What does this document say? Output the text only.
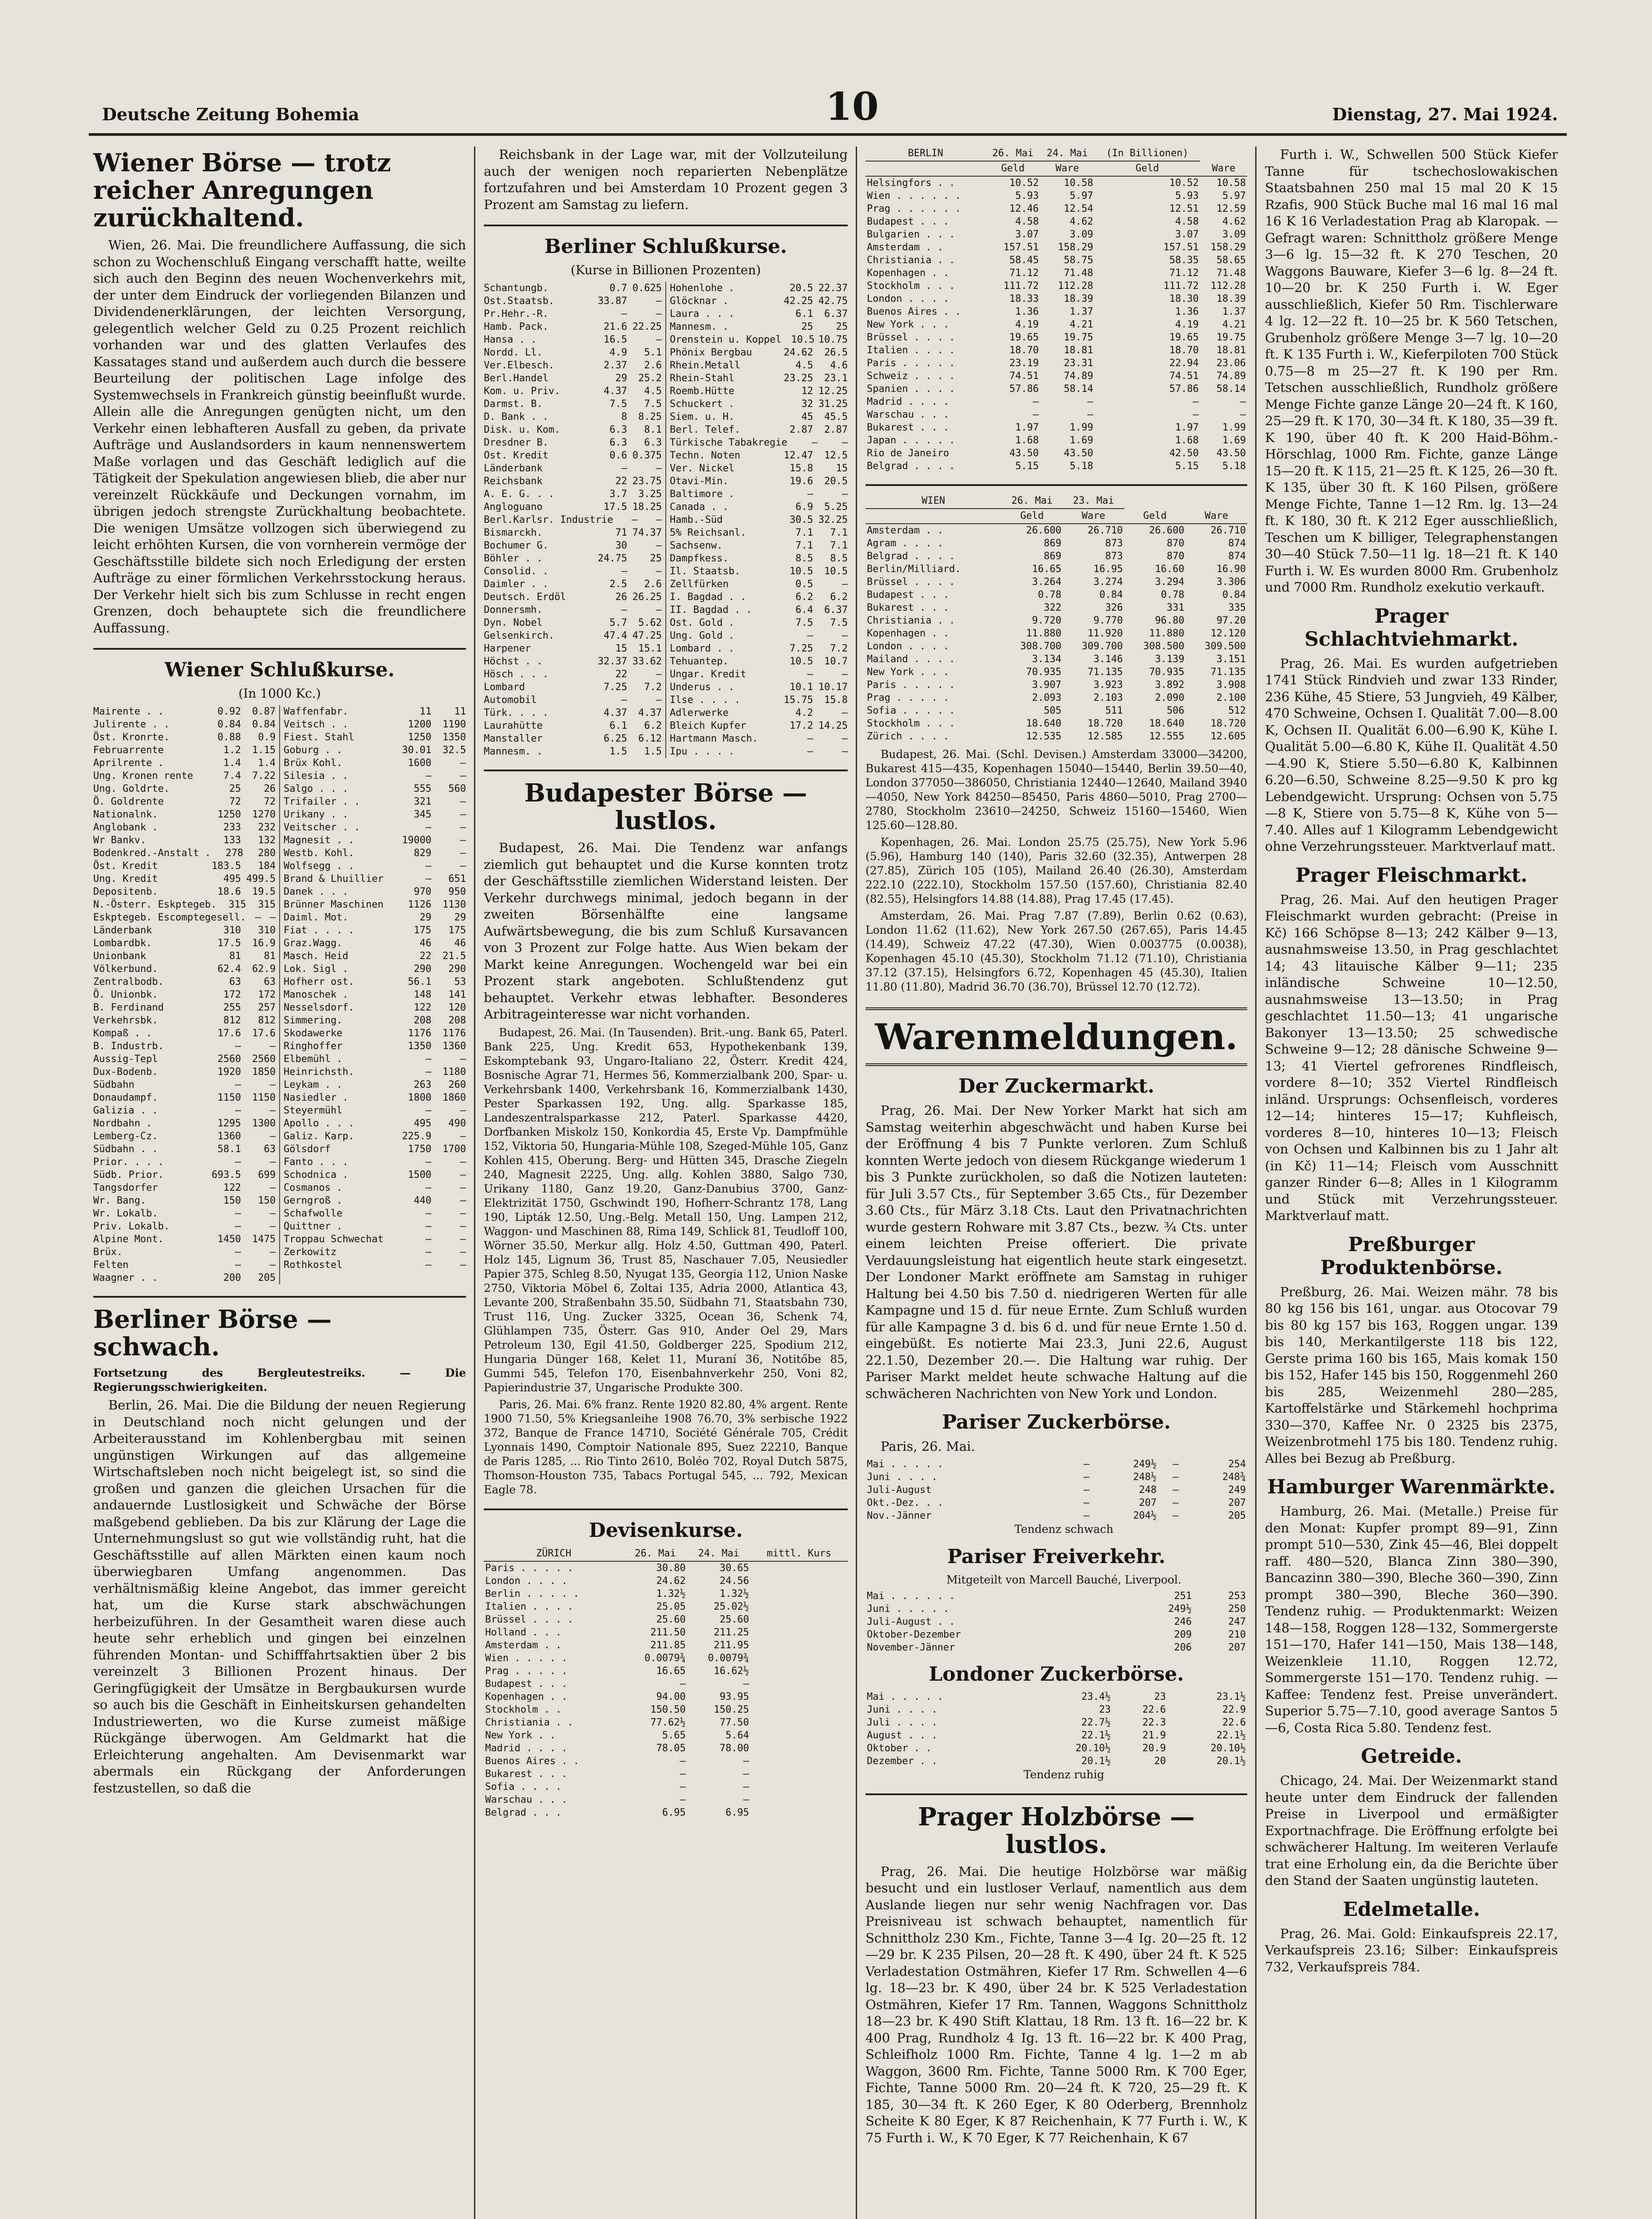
Deutsche Zeitung Bohemia	10	Dienstag, 27. Mai 1924.
Wiener Börse — trotz reicher Anregungen zurückhaltend.
Wien, 26. Mai. Die freundlichere Auffassung, die sich schon zu Wochenschluß Eingang verschafft hatte, weilte sich auch den Beginn des neuen Wochenverkehrs mit, der unter dem Eindruck der vorliegenden Bilanzen und Dividendenerklärungen, der leichten Versorgung, gelegentlich welcher Geld zu 0.25 Prozent reichlich vorhanden war und des glatten Verlaufes des Kassatages stand und außerdem auch durch die bessere Beurteilung der politischen Lage infolge des Systemwechsels in Frankreich günstig beeinflußt wurde. Allein alle die Anregungen genügten nicht, um den Verkehr einen lebhafteren Ausfall zu geben, da private Aufträge und Auslandsorders in kaum nennenswertem Maße vorlagen und das Geschäft lediglich auf die Tätigkeit der Spekulation angewiesen blieb, die aber nur vereinzelt Rückkäufe und Deckungen vornahm, im übrigen jedoch strengste Zurückhaltung beobachtete. Die wenigen Umsätze vollzogen sich überwiegend zu leicht erhöhten Kursen, die von vornherein vermöge der Geschäftsstille bildete sich noch Erledigung der ersten Aufträge zu einer förmlichen Verkehrsstockung heraus. Der Verkehr hielt sich bis zum Schlusse in recht engen Grenzen, doch behauptete sich die freundlichere Auffassung.
Wiener Schlußkurse.
(In 1000 Kc.)
Mairente . .	0.92	0.87
Julirente . .	0.84	0.84
Öst. Kronrte.	0.88	0.9
Februarrente	1.2	1.15
Aprilrente .	1.4	1.4
Ung. Kronen rente	7.4	7.22
Ung. Goldrte.	25	26
Ö. Goldrente	72	72
Nationalnk.	1250	1270
Anglobank .	233	232
Wr Bankv.	133	132
Bodenkred.-Anstalt .	278	280
Öst. Kredit	183.5	184
Ung. Kredit	495 499.5
Depositenb.	18.6	19.5
N.-Österr. Eskptegeb.	315	315
Eskptegeb. Escomptegesell. — —
Länderbank	310	310
Lombardbk.	17.5	16.9
Unionbank	81	81
Völkerbund.	62.4	62.9
Zentralbodb.	63	63
Ö. Unionbk.	172	172
B. Ferdinand	255	257
Verkehrsbk.	812	812
Kompaß . .	17.6	17.6
B. Industrb.	—	—
Aussig-Tepl	2560	2560
Dux-Bodenb.	1920	1850
Südbahn	—	—
Donaudampf.	1150	1150
Galizia . .	—	—
Nordbahn .	1295	1300
Lemberg-Cz.	1360	—
Südbahn . .	58.1	63
Prior. . . .	—	—
Südb. Prior.	693.5	699
Tangsdorfer	122	—
Wr. Bang.	150	150
Wr. Lokalb.	—	—
Priv. Lokalb.	—	—
Alpine Mont.	1450	1475
Brüx.	—	—
Felten	—	—
Waagner . .	200	205
Waffenfabr.	11	11
Veitsch . .	1200	1190
Fiest. Stahl	1250	1350
Goburg . .	30.01	32.5
Brüx Kohl.	1600	—
Silesia . .	—	—
Salgo . . .	555	560
Trifailer . .	321	—
Urikany . .	345	—
Veitscher . .	—	—
Magnesit . .	19000	—
Westb. Kohl.	829	—
Wolfsegg . .	—	—
Brand & Lhuillier	—	651
Danek . . .	970	950
Brünner Maschinen	1126	1130
Daiml. Mot.	29	29
Fiat . . . .	175	175
Graz.Wagg.	46	46
Masch. Heid	22	21.5
Lok. Sigl .	290	290
Hofherr ost.	56.1	53
Manoschek .	148	141
Nesselsdorf.	122	120
Simmering.	208	208
Skodawerke	1176	1176
Ringhoffer	1350	1360
Elbemühl .	—	—
Heinrichsth.	—	1180
Leykam . .	263	260
Nasiedler .	1800	1860
Steyermühl	—	—
Apollo . . .	495	490
Galiz. Karp.	225.9	—
Gölsdorf	1750	1700
Fanto . . .	—	—
Schodnica .	1500	—
Cosmanos .	—	—
Gerngroß .	440	—
Schafwolle	—	—
Quittner .	—	—
Troppau Schwechat	—	—
Zerkowitz	—	—
Rothkostel	—	—
Berliner Börse — schwach.
Fortsetzung des Bergleutestreiks. — Die Regierungsschwierigkeiten.
Berlin, 26. Mai. Die die Bildung der neuen Regierung in Deutschland noch nicht gelungen und der Arbeiterausstand im Kohlenbergbau mit seinen ungünstigen Wirkungen auf das allgemeine Wirtschaftsleben noch nicht beigelegt ist, so sind die großen und ganzen die gleichen Ursachen für die andauernde Lustlosigkeit und Schwäche der Börse maßgebend geblieben. Da bis zur Klärung der Lage die Unternehmungslust so gut wie vollständig ruht, hat die Geschäftsstille auf allen Märkten einen kaum noch überwiegbaren Umfang angenommen. Das verhältnismäßig kleine Angebot, das immer gereicht hat, um die Kurse stark abschwächungen herbeizuführen. In der Gesamtheit waren diese auch heute sehr erheblich und gingen bei einzelnen führenden Montan- und Schifffahrtsaktien über 2 bis vereinzelt 3 Billionen Prozent hinaus. Der Geringfügigkeit der Umsätze in Bergbaukursen wurde so auch bis die Geschäft in Einheitskursen gehandelten Industriewerten, wo die Kurse zumeist mäßige Rückgänge überwogen. Am Geldmarkt hat die Erleichterung angehalten. Am Devisenmarkt war abermals ein Rückgang der Anforderungen festzustellen, so daß die
Reichsbank in der Lage war, mit der Vollzuteilung auch der wenigen noch reparierten Nebenplätze fortzufahren und bei Amsterdam 10 Prozent gegen 3 Prozent am Samstag zu liefern.
Berliner Schlußkurse.
(Kurse in Billionen Prozenten)
Schantungb.	0.7 0.625
Ost.Staatsb.	33.87	—
Pr.Hehr.-R.	—	—
Hamb. Pack.	21.6 22.25
Hansa . .	16.5	—
Nordd. Ll.	4.9	5.1
Ver.Elbesch.	2.37	2.6
Berl.Handel	29	25.2
Kom. u. Priv.	4.37	4.5
Darmst. B.	7.5	7.5
D. Bank . .	8	8.25
Disk. u. Kom.	6.3	8.1
Dresdner B.	6.3	6.3
Ost. Kredit	0.6 0.375
Länderbank	—	—
Reichsbank	22 23.75
A. E. G. . .	3.7	3.25
Angloguano	17.5 18.25
Berl.Karlsr. Industrie	—	—
Bismarckh.	71 74.37
Bochumer G.	30	—
Böhler . .	24.75	25
Consolid. .	—	—
Daimler . .	2.5	2.6
Deutsch. Erdöl	26 26.25
Donnersmh.	—	—
Dyn. Nobel	5.7	5.62
Gelsenkirch.	47.4 47.25
Harpener	15	15.1
Höchst . .	32.37 33.62
Hösch . . .	22	—
Lombard	7.25	7.2
Automobil	—	—
Türk. . . .	4.37	4.37
Laurahütte	6.1	6.2
Manstaller	6.25	6.12
Mannesm. .	1.5	1.5
Hohenlohe .	20.5 22.37
Glöcknar .	42.25 42.75
Laura . . .	6.1	6.37
Mannesm. .	25	25
Orenstein u. Koppel 10.5 10.75
Phönix Bergbau	24.62	26.5
Rhein.Metall	4.5	4.6
Rhein-Stahl	23.25	23.1
Roemb.Hütte	12 12.25
Schuckert .	32 31.25
Siem. u. H.	45	45.5
Berl. Telef.	2.87	2.87
Türkische Tabakregie	—	—
Techn. Noten	12.47	12.5
Ver. Nickel	15.8	15
Otavi-Min.	19.6	20.5
Baltimore .	—	—
Canada . .	6.9	5.25
Hamb.-Süd	30.5 32.25
5% Reichsanl.	7.1	7.1
Sachsenw.	7.1	7.1
Dampfkess.	8.5	8.5
Il. Staatsb.	10.5	10.5
Zellfürken	0.5	—
I. Bagdad . .	6.2	6.2
II. Bagdad . .	6.4	6.37
Ost. Gold .	7.5	7.5
Ung. Gold .	—	—
Lombard . .	7.25	7.2
Tehuantep.	10.5	10.7
Ungar. Kredit	—	—
Underus . .	10.1 10.17
Ilse . . . .	15.75	15.8
Adlerwerke	4.2	—
Bleich Kupfer	17.2 14.25
Hartmann Masch.	—	—
Ipu . . . .	—	—
Budapester Börse — lustlos.
Budapest, 26. Mai. Die Tendenz war anfangs ziemlich gut behauptet und die Kurse konnten trotz der Geschäftsstille ziemlichen Widerstand leisten. Der Verkehr durchwegs minimal, jedoch begann in der zweiten Börsenhälfte eine langsame Aufwärtsbewegung, die bis zum Schluß Kursavancen von 3 Prozent zur Folge hatte. Aus Wien bekam der Markt keine Anregungen. Wochengeld war bei ein Prozent stark angeboten. Schlußtendenz gut behauptet. Verkehr etwas lebhafter. Besonderes Arbitrageinteresse war nicht vorhanden.
Budapest, 26. Mai. (In Tausenden). Brit.-ung. Bank 65, Paterl. Bank 225, Ung. Kredit 653, Hypothekenbank 139, Eskomptebank 93, Ungaro-Italiano 22, Österr. Kredit 424, Bosnische Agrar 71, Hermes 56, Kommerzialbank 200, Spar- u. Verkehrsbank 1400, Verkehrsbank 16, Kommerzialbank 1430, Pester Sparkassen 192, Ung. allg. Sparkasse 185, Landeszentralsparkasse 212, Paterl. Sparkasse 4420, Dorfbanken Miskolz 150, Konkordia 45, Erste Vp. Dampfmühle 152, Viktoria 50, Hungaria-Mühle 108, Szeged-Mühle 105, Ganz Kohlen 415, Oberung. Berg- und Hütten 345, Drasche Ziegeln 240, Magnesit 2225, Ung. allg. Kohlen 3880, Salgo 730, Urikany 1180, Ganz 19.20, Ganz-Danubius 3700, Ganz-Elektrizität 1750, Gschwindt 190, Hofherr-Schrantz 178, Lang 190, Lipták 12.50, Ung.-Belg. Metall 150, Ung. Lampen 212, Waggon- und Maschinen 88, Rima 149, Schlick 81, Teudloff 100, Wörner 35.50, Merkur allg. Holz 4.50, Guttman 490, Paterl. Holz 145, Lignum 36, Trust 85, Naschauer 7.05, Neusiedler Papier 375, Schleg 8.50, Nyugat 135, Georgia 112, Union Naske 2750, Viktoria Möbel 6, Zoltai 135, Adria 2000, Atlantica 43, Levante 200, Straßenbahn 35.50, Südbahn 71, Staatsbahn 730, Trust 116, Ung. Zucker 3325, Ocean 36, Schenk 74, Glühlampen 735, Österr. Gas 910, Ander Oel 29, Mars Petroleum 130, Egil 41.50, Goldberger 225, Spodium 212, Hungaria Dünger 168, Kelet 11, Muraní 36, Notitőbe 85, Gummi 545, Telefon 170, Eisenbahnverkehr 250, Voni 82, Papierindustrie 37, Ungarische Produkte 300.
Paris, 26. Mai. 6% franz. Rente 1920 82.80, 4% argent. Rente 1900 71.50, 5% Kriegsanleihe 1908 76.70, 3% serbische 1922 372, Banque de France 14710, Société Générale 705, Crédit Lyonnais 1490, Comptoir Nationale 895, Suez 22210, Banque de Paris 1285, ... Rio Tinto 2610, Boléo 702, Royal Dutch 5875, Thomson-Houston 735, Tabacs Portugal 545, ... 792, Mexican Eagle 78.
Devisenkurse.
ZÜRICH	26. Mai	24. Mai	mittl. Kurs
Paris . . . . .	30.80	30.65	
London . . . .	24.62	24.56	
Berlin . . . . .	1.32½	1.32½	
Italien . . . .	25.05	25.02½	
Brüssel . . . .	25.60	25.60	
Holland . . .	211.50	211.25	
Amsterdam . .	211.85	211.95	
Wien . . . . .	0.0079¾	0.0079¾	
Prag . . . . .	16.65	16.62½	
Budapest . . .	—	—	
Kopenhagen . .	94.00	93.95	
Stockholm . .	150.50	150.25	
Christiania . .	77.62½	77.50	
New York . .	5.65	5.64	
Madrid . . . .	78.05	78.00	
Buenos Aires . .	—	—	
Bukarest . . .	—	—	
Sofia . . . .	—	—	
Warschau . . .	—	—	
Belgrad . . .	6.95	6.95	
BERLIN	26. Mai	24. Mai	(In Billionen)	
	Geld	Ware	Geld	Ware
Helsingfors . .	10.52	10.58	10.52	10.58
Wien . . . . . .	5.93	5.97	5.93	5.97
Prag . . . . . .	12.46	12.54	12.51	12.59
Budapest . . .	4.58	4.62	4.58	4.62
Bulgarien . . .	3.07	3.09	3.07	3.09
Amsterdam . .	157.51	158.29	157.51	158.29
Christiania . .	58.45	58.75	58.35	58.65
Kopenhagen . .	71.12	71.48	71.12	71.48
Stockholm . . .	111.72	112.28	111.72	112.28
London . . . .	18.33	18.39	18.30	18.39
Buenos Aires . .	1.36	1.37	1.36	1.37
New York . . .	4.19	4.21	4.19	4.21
Brüssel . . . .	19.65	19.75	19.65	19.75
Italien . . . .	18.70	18.81	18.70	18.81
Paris . . . . .	23.19	23.31	22.94	23.06
Schweiz . . . .	74.51	74.89	74.51	74.89
Spanien . . . .	57.86	58.14	57.86	58.14
Madrid . . . .	—	—	—	—
Warschau . . .	—	—	—	—
Bukarest . . .	1.97	1.99	1.97	1.99
Japan . . . . .	1.68	1.69	1.68	1.69
Rio de Janeiro	43.50	43.50	42.50	43.50
Belgrad . . . .	5.15	5.18	5.15	5.18
WIEN	26. Mai	23. Mai		
	Geld	Ware	Geld	Ware
Amsterdam . .	26.600	26.710	26.600	26.710
Agram . . . .	869	873	870	874
Belgrad . . . .	869	873	870	874
Berlin/Milliard.	16.65	16.95	16.60	16.90
Brüssel . . . .	3.264	3.274	3.294	3.306
Budapest . . .	0.78	0.84	0.78	0.84
Bukarest . . .	322	326	331	335
Christiania . .	9.720	9.770	96.80	97.20
Kopenhagen . .	11.880	11.920	11.880	12.120
London . . . .	308.700	309.700	308.500	309.500
Mailand . . . .	3.134	3.146	3.139	3.151
New York . . .	70.935	71.135	70.935	71.135
Paris . . . . .	3.907	3.923	3.892	3.908
Prag . . . . .	2.093	2.103	2.090	2.100
Sofia . . . . .	505	511	506	512
Stockholm . . .	18.640	18.720	18.640	18.720
Zürich . . . .	12.535	12.585	12.555	12.605
Budapest, 26. Mai. (Schl. Devisen.) Amsterdam 33000—34200, Bukarest 415—435, Kopenhagen 15040—15440, Berlin 39.50—40, London 377050—386050, Christiania 12440—12640, Mailand 3940—4050, New York 84250—85450, Paris 4860—5010, Prag 2700—2780, Stockholm 23610—24250, Schweiz 15160—15460, Wien 125.60—128.80.
Kopenhagen, 26. Mai. London 25.75 (25.75), New York 5.96 (5.96), Hamburg 140 (140), Paris 32.60 (32.35), Antwerpen 28 (27.85), Zürich 105 (105), Mailand 26.40 (26.30), Amsterdam 222.10 (222.10), Stockholm 157.50 (157.60), Christiania 82.40 (82.55), Helsingfors 14.88 (14.88), Prag 17.45 (17.45).
Amsterdam, 26. Mai. Prag 7.87 (7.89), Berlin 0.62 (0.63), London 11.62 (11.62), New York 267.50 (267.65), Paris 14.45 (14.49), Schweiz 47.22 (47.30), Wien 0.003775 (0.0038), Kopenhagen 45.10 (45.30), Stockholm 71.12 (71.10), Christiania 37.12 (37.15), Helsingfors 6.72, Kopenhagen 45 (45.30), Italien 11.80 (11.80), Madrid 36.70 (36.70), Brüssel 12.70 (12.72).
Warenmeldungen.
Der Zuckermarkt.
Prag, 26. Mai. Der New Yorker Markt hat sich am Samstag weiterhin abgeschwächt und haben Kurse bei der Eröffnung 4 bis 7 Punkte verloren. Zum Schluß konnten Werte jedoch von diesem Rückgange wiederum 1 bis 3 Punkte zurückholen, so daß die Notizen lauteten: für Juli 3.57 Cts., für September 3.65 Cts., für Dezember 3.60 Cts., für März 3.18 Cts. Laut den Privatnachrichten wurde gestern Rohware mit 3.87 Cts., bezw. ¾ Cts. unter einem leichten Preise offeriert. Die private Verdauungsleistung hat eigentlich heute stark eingesetzt. Der Londoner Markt eröffnete am Samstag in ruhiger Haltung bei 4.50 bis 7.50 d. niedrigeren Werten für alle Kampagne und 15 d. für neue Ernte. Zum Schluß wurden für alle Kampagne 3 d. bis 6 d. und für neue Ernte 1.50 d. eingebüßt. Es notierte Mai 23.3, Juni 22.6, August 22.1.50, Dezember 20.—. Die Haltung war ruhig. Der Pariser Markt meldet heute schwache Haltung auf die schwächeren Nachrichten von New York und London.
Pariser Zuckerbörse.
Paris, 26. Mai.
Mai . . . . .	—	249½	—	254
Juni . . . .	—	248½	—	248¾
Juli-August	—	248	—	249
Okt.-Dez. . .	—	207	—	207
Nov.-Jänner	—	204½	—	205
Tendenz schwach
Pariser Freiverkehr.
Mitgeteilt von Marcell Bauché, Liverpool.
Mai . . . . . .	251	253
Juni . . . . .	249½	250
Juli-August . .	246	247
Oktober-Dezember	209	210
November-Jänner	206	207
Londoner Zuckerbörse.
Mai . . . . .	23.4½	23	23.1½
Juni . . . .	23	22.6	22.9
Juli . . . .	22.7½	22.3	22.6
August . . .	22.1½	21.9	22.1½
Oktober . .	20.10½	20.9	20.10½
Dezember . .	20.1½	20	20.1½
Tendenz ruhig
Prager Holzbörse — lustlos.
Prag, 26. Mai. Die heutige Holzbörse war mäßig besucht und ein lustloser Verlauf, namentlich aus dem Auslande liegen nur sehr wenig Nachfragen vor. Das Preisniveau ist schwach behauptet, namentlich für Schnittholz 230 Km., Fichte, Tanne 3—4 Ig. 20—25 ft. 12—29 br. K 235 Pilsen, 20—28 ft. K 490, über 24 ft. K 525 Verladestation Ostmähren, Kiefer 17 Rm. Schwellen 4—6 lg. 18—23 br. K 490, über 24 br. K 525 Verladestation Ostmähren, Kiefer 17 Rm. Tannen, Waggons Schnittholz 18—23 br. K 490 Stift Klattau, 18 Rm. 13 ft. 16—22 br. K 400 Prag, Rundholz 4 Ig. 13 ft. 16—22 br. K 400 Prag, Schleifholz 1000 Rm. Fichte, Tanne 4 lg. 1—2 m ab Waggon, 3600 Rm. Fichte, Tanne 5000 Rm. K 700 Eger, Fichte, Tanne 5000 Rm. 20—24 ft. K 720, 25—29 ft. K 185, 30—34 ft. K 260 Eger, K 80 Oderberg, Brennholz Scheite K 80 Eger, K 87 Reichenhain, K 77 Furth i. W., K 75 Furth i. W., K 70 Eger, K 77 Reichenhain, K 67
Furth i. W., Schwellen 500 Stück Kiefer Tanne für tschechoslowakischen Staatsbahnen 250 mal 15 mal 20 K 15 Rzafis, 900 Stück Buche mal 16 mal 16 mal 16 K 16 Verladestation Prag ab Klaropak. — Gefragt waren: Schnittholz größere Menge 3—6 lg. 15—32 ft. K 270 Teschen, 20 Waggons Bauware, Kiefer 3—6 lg. 8—24 ft. 10—20 br. K 250 Furth i. W. Eger ausschließlich, Kiefer 50 Rm. Tischlerware 4 lg. 12—22 ft. 10—25 br. K 560 Tetschen, Grubenholz größere Menge 3—7 lg. 10—20 ft. K 135 Furth i. W., Kieferpiloten 700 Stück 0.75—8 m 25—27 ft. K 190 per Rm. Tetschen ausschließlich, Rundholz größere Menge Fichte ganze Länge 20—24 ft. K 160, 25—29 ft. K 170, 30—34 ft. K 180, 35—39 ft. K 190, über 40 ft. K 200 Haid-Böhm.-Hörschlag, 1000 Rm. Fichte, ganze Länge 15—20 ft. K 115, 21—25 ft. K 125, 26—30 ft. K 135, über 30 ft. K 160 Pilsen, größere Menge Fichte, Tanne 1—12 Rm. lg. 13—24 ft. K 180, 30 ft. K 212 Eger ausschließlich, Teschen um K billiger, Telegraphenstangen 30—40 Stück 7.50—11 lg. 18—21 ft. K 140 Furth i. W. Es wurden 8000 Rm. Grubenholz und 7000 Rm. Rundholz exekutio verkauft.
Prager Schlachtviehmarkt.
Prag, 26. Mai. Es wurden aufgetrieben 1741 Stück Rindvieh und zwar 133 Rinder, 236 Kühe, 45 Stiere, 53 Jungvieh, 49 Kälber, 470 Schweine, Ochsen I. Qualität 7.00—8.00 K, Ochsen II. Qualität 6.00—6.90 K, Kühe I. Qualität 5.00—6.80 K, Kühe II. Qualität 4.50—4.90 K, Stiere 5.50—6.80 K, Kalbinnen 6.20—6.50, Schweine 8.25—9.50 K pro kg Lebendgewicht. Ursprung: Ochsen von 5.75—8 K, Stiere von 5.75—8 K, Kühe von 5—7.40. Alles auf 1 Kilogramm Lebendgewicht ohne Verzehrungssteuer. Marktverlauf matt.
Prager Fleischmarkt.
Prag, 26. Mai. Auf den heutigen Prager Fleischmarkt wurden gebracht: (Preise in Kč) 166 Schöpse 8—13; 242 Kälber 9—13, ausnahmsweise 13.50, in Prag geschlachtet 14; 43 litauische Kälber 9—11; 235 inländische Schweine 10—12.50, ausnahmsweise 13—13.50; in Prag geschlachtet 11.50—13; 41 ungarische Bakonyer 13—13.50; 25 schwedische Schweine 9—12; 28 dänische Schweine 9—13; 41 Viertel gefrorenes Rindfleisch, vordere 8—10; 352 Viertel Rindfleisch inländ. Ursprungs: Ochsenfleisch, vorderes 12—14; hinteres 15—17; Kuhfleisch, vorderes 8—10, hinteres 10—13; Fleisch von Ochsen und Kalbinnen bis zu 1 Jahr alt (in Kč) 11—14; Fleisch vom Ausschnitt ganzer Rinder 6—8; Alles in 1 Kilogramm und Stück mit Verzehrungssteuer. Marktverlauf matt.
Preßburger Produktenbörse.
Preßburg, 26. Mai. Weizen mähr. 78 bis 80 kg 156 bis 161, ungar. aus Otocovar 79 bis 80 kg 157 bis 163, Roggen ungar. 139 bis 140, Merkantilgerste 118 bis 122, Gerste prima 160 bis 165, Mais komak 150 bis 152, Hafer 145 bis 150, Roggenmehl 260 bis 285, Weizenmehl 280—285, Kartoffelstärke und Stärkemehl hochprima 330—370, Kaffee Nr. 0 2325 bis 2375, Weizenbrotmehl 175 bis 180. Tendenz ruhig. Alles bei Bezug ab Preßburg.
Hamburger Warenmärkte.
Hamburg, 26. Mai. (Metalle.) Preise für den Monat: Kupfer prompt 89—91, Zinn prompt 510—530, Zink 45—46, Blei doppelt raff. 480—520, Blanca Zinn 380—390, Bancazinn 380—390, Bleche 360—390, Zinn prompt 380—390, Bleche 360—390. Tendenz ruhig. — Produktenmarkt: Weizen 148—158, Roggen 128—132, Sommergerste 151—170, Hafer 141—150, Mais 138—148, Weizenkleie 11.10, Roggen 12.72, Sommergerste 151—170. Tendenz ruhig. — Kaffee: Tendenz fest. Preise unverändert. Superior 5.75—7.10, good average Santos 5—6, Costa Rica 5.80. Tendenz fest.
Getreide.
Chicago, 24. Mai. Der Weizenmarkt stand heute unter dem Eindruck der fallenden Preise in Liverpool und ermäßigter Exportnachfrage. Die Eröffnung erfolgte bei schwächerer Haltung. Im weiteren Verlaufe trat eine Erholung ein, da die Berichte über den Stand der Saaten ungünstig lauteten.
Edelmetalle.
Prag, 26. Mai. Gold: Einkaufspreis 22.17, Verkaufspreis 23.16; Silber: Einkaufspreis 732, Verkaufspreis 784.
